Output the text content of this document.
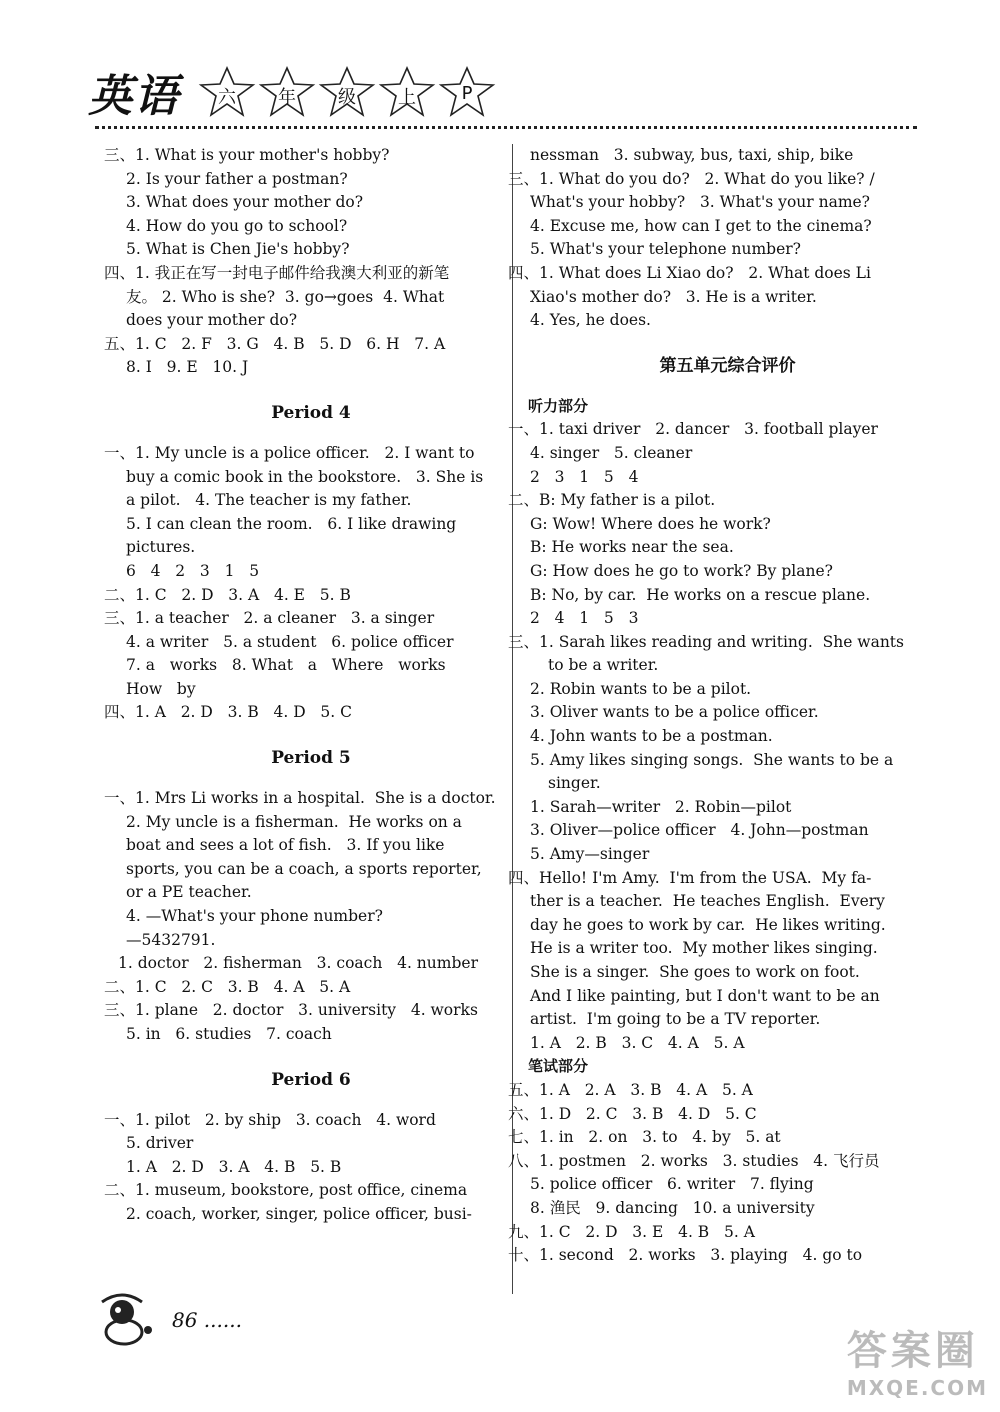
英语	六	年	级	上	P
三、1. What is your mother's hobby?
2. Is your father a postman?
3. What does your mother do?
4. How do you go to school?
5. What is Chen Jie's hobby?
四、1. 我正在写一封电子邮件给我澳大利亚的新笔
友。 2. Who is she?  3. go→goes  4. What
does your mother do?
五、1. C   2. F   3. G   4. B   5. D   6. H   7. A
8. I   9. E   10. J
Period 4
一、1. My uncle is a police officer.   2. I want to
buy a comic book in the bookstore.   3. She is
a pilot.   4. The teacher is my father.
5. I can clean the room.   6. I like drawing
pictures.
6   4   2   3   1   5
二、1. C   2. D   3. A   4. E   5. B
三、1. a teacher   2. a cleaner   3. a singer
4. a writer   5. a student   6. police officer
7. a   works   8. What   a   Where   works
How   by
四、1. A   2. D   3. B   4. D   5. C
Period 5
一、1. Mrs Li works in a hospital.  She is a doctor.
2. My uncle is a fisherman.  He works on a
boat and sees a lot of fish.   3. If you like
sports, you can be a coach, a sports reporter,
or a PE teacher.
4. —What's your phone number?
—5432791.
1. doctor   2. fisherman   3. coach   4. number
二、1. C   2. C   3. B   4. A   5. A
三、1. plane   2. doctor   3. university   4. works
5. in   6. studies   7. coach
Period 6
一、1. pilot   2. by ship   3. coach   4. word
5. driver
1. A   2. D   3. A   4. B   5. B
二、1. museum, bookstore, post office, cinema
2. coach, worker, singer, police officer, busi-
nessman   3. subway, bus, taxi, ship, bike
三、1. What do you do?   2. What do you like? /
What's your hobby?   3. What's your name?
4. Excuse me, how can I get to the cinema?
5. What's your telephone number?
四、1. What does Li Xiao do?   2. What does Li
Xiao's mother do?   3. He is a writer.
4. Yes, he does.
第五单元综合评价
听力部分
一、1. taxi driver   2. dancer   3. football player
4. singer   5. cleaner
2   3   1   5   4
二、B: My father is a pilot.
G: Wow! Where does he work?
B: He works near the sea.
G: How does he go to work? By plane?
B: No, by car.  He works on a rescue plane.
2   4   1   5   3
三、1. Sarah likes reading and writing.  She wants
to be a writer.
2. Robin wants to be a pilot.
3. Oliver wants to be a police officer.
4. John wants to be a postman.
5. Amy likes singing songs.  She wants to be a
singer.
1. Sarah—writer   2. Robin—pilot
3. Oliver—police officer   4. John—postman
5. Amy—singer
四、Hello! I'm Amy.  I'm from the USA.  My fa-
ther is a teacher.  He teaches English.  Every
day he goes to work by car.  He likes writing.
He is a writer too.  My mother likes singing.
She is a singer.  She goes to work on foot.
And I like painting, but I don't want to be an
artist.  I'm going to be a TV reporter.
1. A   2. B   3. C   4. A   5. A
笔试部分
五、1. A   2. A   3. B   4. A   5. A
六、1. D   2. C   3. B   4. D   5. C
七、1. in   2. on   3. to   4. by   5. at
八、1. postmen   2. works   3. studies   4. 飞行员
5. police officer   6. writer   7. flying
8. 渔民   9. dancing   10. a university
九、1. C   2. D   3. E   4. B   5. A
十、1. second   2. works   3. playing   4. go to
86 ......
答案圈
MXQE.COM
